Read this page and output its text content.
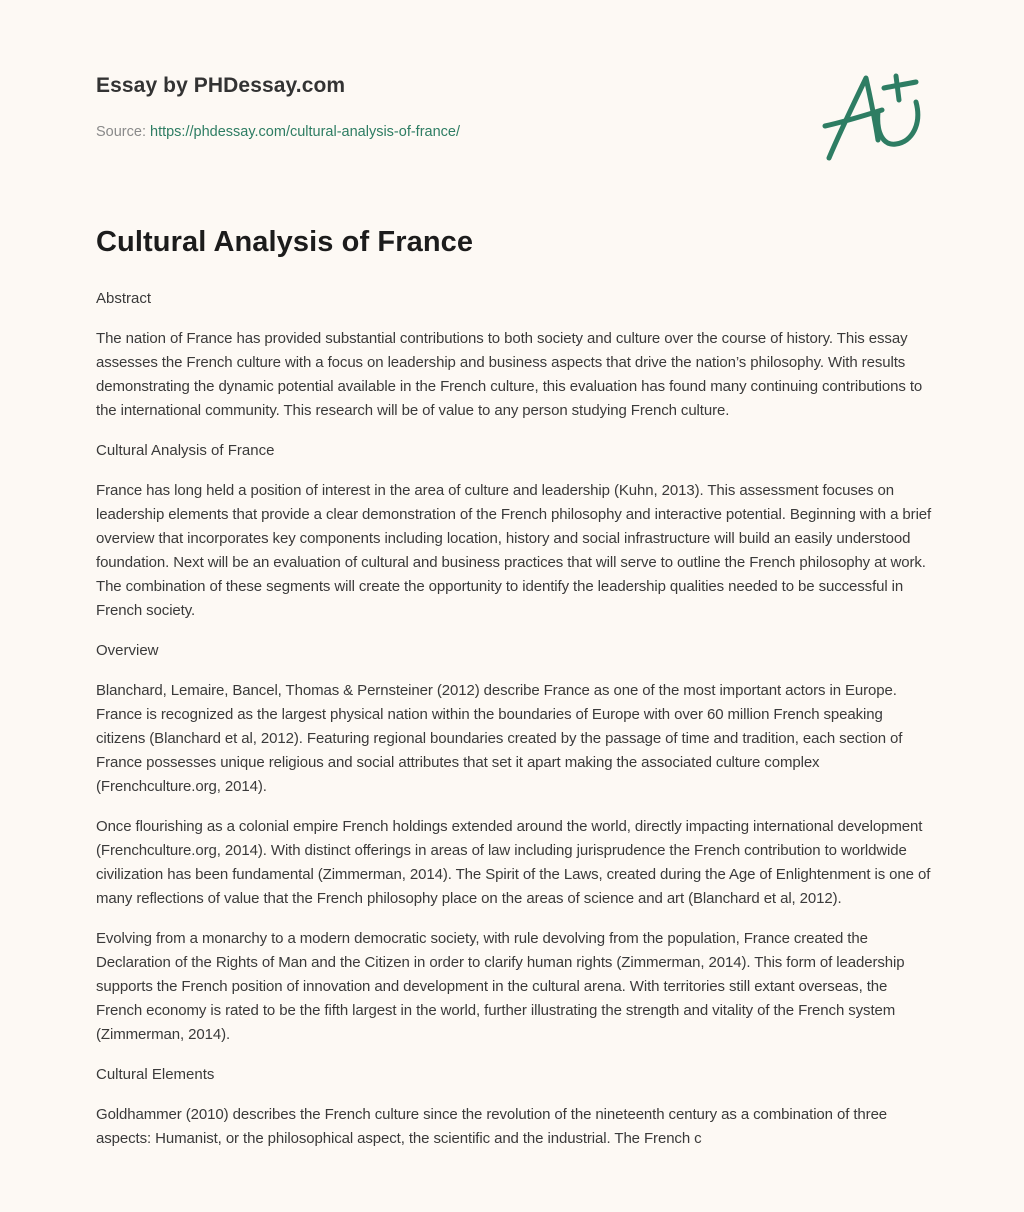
Essay by PHDessay.com
Source: https://phdessay.com/cultural-analysis-of-france/
Cultural Analysis of France

Abstract

The nation of France has provided substantial contributions to both society and culture over the course of history. This essay assesses the French culture with a focus on leadership and business aspects that drive the nation’s philosophy. With results demonstrating the dynamic potential available in the French culture, this evaluation has found many continuing contributions to the international community. This research will be of value to any person studying French culture.

Cultural Analysis of France

France has long held a position of interest in the area of culture and leadership (Kuhn, 2013). This assessment focuses on leadership elements that provide a clear demonstration of the French philosophy and interactive potential. Beginning with a brief overview that incorporates key components including location, history and social infrastructure will build an easily understood foundation. Next will be an evaluation of cultural and business practices that will serve to outline the French philosophy at work. The combination of these segments will create the opportunity to identify the leadership qualities needed to be successful in French society.

Overview

Blanchard, Lemaire, Bancel, Thomas & Pernsteiner (2012) describe France as one of the most important actors in Europe. France is recognized as the largest physical nation within the boundaries of Europe with over 60 million French speaking citizens (Blanchard et al, 2012). Featuring regional boundaries created by the passage of time and tradition, each section of France possesses unique religious and social attributes that set it apart making the associated culture complex (Frenchculture.org, 2014).

Once flourishing as a colonial empire French holdings extended around the world, directly impacting international development (Frenchculture.org, 2014). With distinct offerings in areas of law including jurisprudence the French contribution to worldwide civilization has been fundamental (Zimmerman, 2014). The Spirit of the Laws, created during the Age of Enlightenment is one of many reflections of value that the French philosophy place on the areas of science and art (Blanchard et al, 2012).

Evolving from a monarchy to a modern democratic society, with rule devolving from the population, France created the Declaration of the Rights of Man and the Citizen in order to clarify human rights (Zimmerman, 2014). This form of leadership supports the French position of innovation and development in the cultural arena. With territories still extant overseas, the French economy is rated to be the fifth largest in the world, further illustrating the strength and vitality of the French system (Zimmerman, 2014).

Cultural Elements

Goldhammer (2010) describes the French culture since the revolution of the nineteenth century as a combination of three aspects: Humanist, or the philosophical aspect, the scientific and the industrial. The French c
